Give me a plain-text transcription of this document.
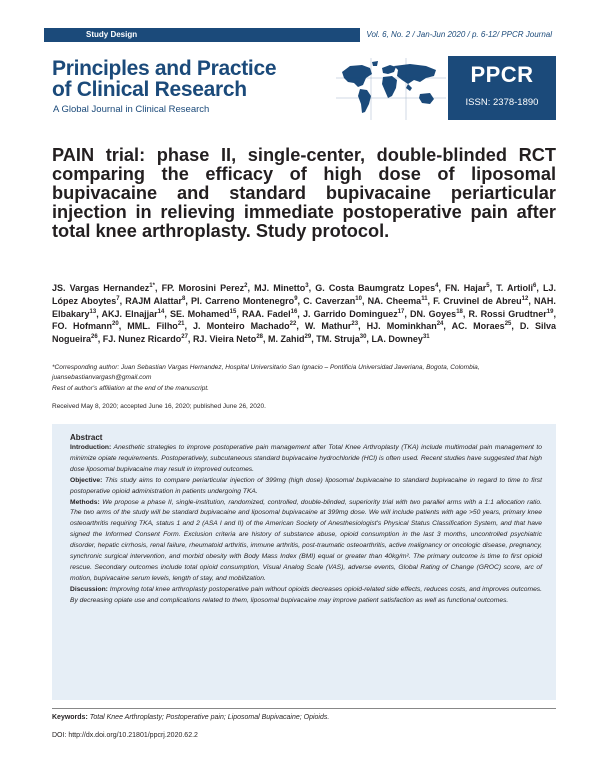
Study Design	Vol. 6, No. 2 / Jan-Jun 2020 / p. 6-12/ PPCR Journal
Principles and Practice
of Clinical Research
A Global Journal in Clinical Research
PPCR
ISSN: 2378-1890
PAIN trial: phase II, single-center, double-blinded RCT comparing the efficacy of high dose of liposomal bupivacaine and standard bupivacaine periarticular injection in relieving immediate postoperative pain after total knee arthroplasty. Study protocol.
JS. Vargas Hernandez$^{1*}$, FP. Morosini Perez$^2$, MJ. Minetto$^3$, G. Costa Baumgratz Lopes$^4$, FN. Hajar$^5$, T. Artioli$^6$, LJ. López Aboytes$^7$, RAJM Alattar$^8$, PI. Carreno Montenegro$^9$, C. Caverzan$^{10}$, NA. Cheema$^{11}$, F. Cruvinel de Abreu$^{12}$, NAH. Elbakary$^{13}$, AKJ. Elnajjar$^{14}$, SE. Mohamed$^{15}$, RAA. Fadel$^{16}$, J. Garrido Dominguez$^{17}$, DN. Goyes$^{18}$, R. Rossi Grudtner$^{19}$, FO. Hofmann$^{20}$, MML. Filho$^{21}$, J. Monteiro Machado$^{22}$, W. Mathur$^{23}$, HJ. Mominkhan$^{24}$, AC. Moraes$^{25}$, D. Silva Nogueira$^{26}$, FJ. Nunez Ricardo$^{27}$, RJ. Vieira Neto$^{28}$, M. Zahid$^{29}$, TM. Struja$^{30}$, LA. Downey$^{31}$
*Corresponding author: Juan Sebastian Vargas Hernandez, Hospital Universitario San Ignacio – Pontificia Universidad Javeriana, Bogota, Colombia, juansebastianvargash@gmail.com
Rest of author's affiliation at the end of the manuscript.
Received May 8, 2020; accepted June 16, 2020; published June 26, 2020.
Abstract

Introduction: Anesthetic strategies to improve postoperative pain management after Total Knee Arthroplasty (TKA) include multimodal pain management to minimize opiate requirements. Postoperatively, subcutaneous standard bupivacaine hydrochloride (HCl) is often used. Recent studies have suggested that high dose liposomal bupivacaine may result in improved outcomes.

Objective: This study aims to compare periarticular injection of 399mg (high dose) liposomal bupivacaine to standard bupivacaine in regard to time to first postoperative opioid administration in patients undergoing TKA.

Methods: We propose a phase II, single-institution, randomized, controlled, double-blinded, superiority trial with two parallel arms with a 1:1 allocation ratio. The two arms of the study will be standard bupivacaine and liposomal bupivacaine at 399mg dose. We will include patients with age >50 years, primary knee osteoarthritis requiring TKA, status 1 and 2 (ASA I and II) of the American Society of Anesthesiologist's Physical Status Classification System, and that have signed the Informed Consent Form. Exclusion criteria are history of substance abuse, opioid consumption in the last 3 months, uncontrolled psychiatric disorder, hepatic cirrhosis, renal failure, rheumatoid arthritis, immune arthritis, post-traumatic osteoarthritis, active malignancy or oncologic disease, pregnancy, synchronic surgical intervention, and morbid obesity with Body Mass Index (BMI) equal or greater than 40kg/m². The primary outcome is time to first opioid rescue. Secondary outcomes include total opioid consumption, Visual Analog Scale (VAS), adverse events, Global Rating of Change (GROC) score, arc of motion, bupivacaine serum levels, length of stay, and mobilization.

Discussion: Improving total knee arthroplasty postoperative pain without opioids decreases opioid-related side effects, reduces costs, and improves outcomes. By decreasing opiate use and complications related to them, liposomal bupivacaine may improve patient satisfaction as well as functional outcomes.

Keywords: Total Knee Arthroplasty; Postoperative pain; Liposomal Bupivacaine; Opioids.
DOI: http://dx.doi.org/10.21801/ppcrj.2020.62.2
